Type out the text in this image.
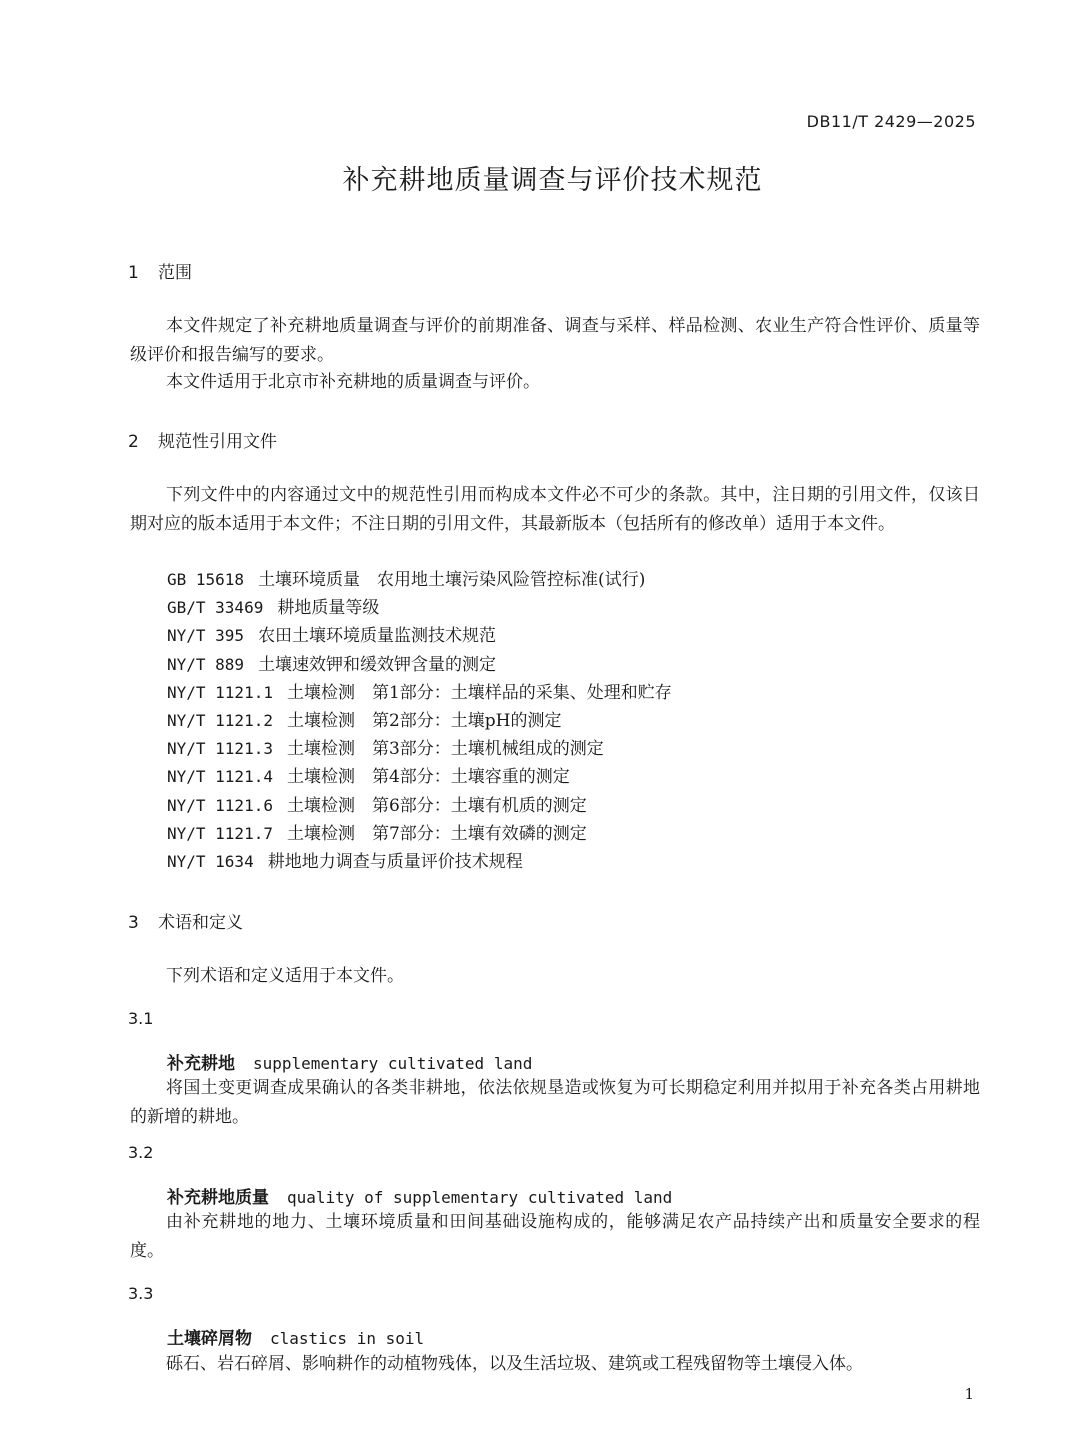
DB11/T 2429—2025
补充耕地质量调查与评价技术规范
1 范围
本文件规定了补充耕地质量调查与评价的前期准备、调查与采样、样品检测、农业生产符合性评价、质量等级评价和报告编写的要求。
本文件适用于北京市补充耕地的质量调查与评价。
2 规范性引用文件
下列文件中的内容通过文中的规范性引用而构成本文件必不可少的条款。其中，注日期的引用文件，仅该日期对应的版本适用于本文件；不注日期的引用文件，其最新版本（包括所有的修改单）适用于本文件。
GB 15618 土壤环境质量　农用地土壤污染风险管控标准(试行)
GB/T 33469 耕地质量等级
NY/T 395 农田土壤环境质量监测技术规范
NY/T 889 土壤速效钾和缓效钾含量的测定
NY/T 1121.1 土壤检测　第1部分：土壤样品的采集、处理和贮存
NY/T 1121.2 土壤检测　第2部分：土壤pH的测定
NY/T 1121.3 土壤检测　第3部分：土壤机械组成的测定
NY/T 1121.4 土壤检测　第4部分：土壤容重的测定
NY/T 1121.6 土壤检测　第6部分：土壤有机质的测定
NY/T 1121.7 土壤检测　第7部分：土壤有效磷的测定
NY/T 1634 耕地地力调查与质量评价技术规程
3 术语和定义
下列术语和定义适用于本文件。
3.1
补充耕地 supplementary cultivated land
将国土变更调查成果确认的各类非耕地，依法依规垦造或恢复为可长期稳定利用并拟用于补充各类占用耕地的新增的耕地。
3.2
补充耕地质量 quality of supplementary cultivated land
由补充耕地的地力、土壤环境质量和田间基础设施构成的，能够满足农产品持续产出和质量安全要求的程度。
3.3
土壤碎屑物 clastics in soil
砾石、岩石碎屑、影响耕作的动植物残体，以及生活垃圾、建筑或工程残留物等土壤侵入体。
1
